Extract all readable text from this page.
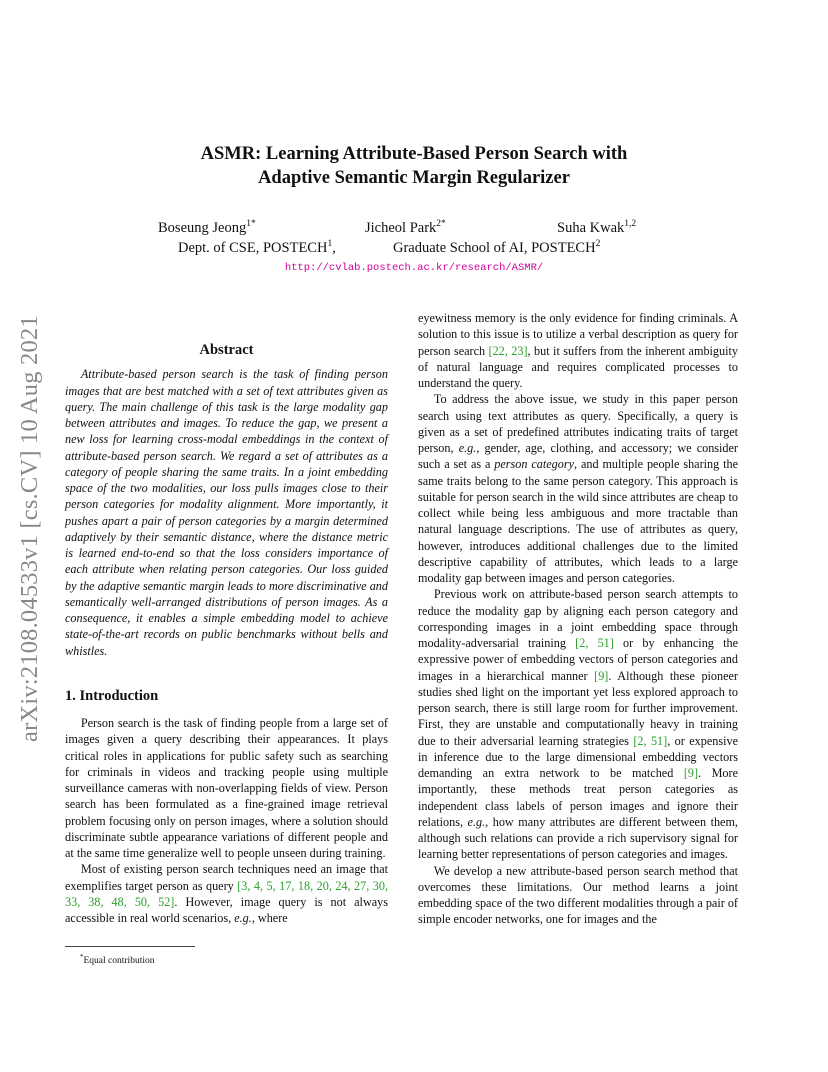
ASMR: Learning Attribute-Based Person Search with
Adaptive Semantic Margin Regularizer
Boseung Jeong$^{1*}$	Jicheol Park$^{2*}$	Suha Kwak$^{1,2}$
Dept. of CSE, POSTECH$^1$,	Graduate School of AI, POSTECH$^2$
http://cvlab.postech.ac.kr/research/ASMR/
arXiv:2108.04533v1 [cs.CV] 10 Aug 2021	Abstract

Attribute-based person search is the task of finding person images that are best matched with a set of text attributes given as query. The main challenge of this task is the large modality gap between attributes and images. To reduce the gap, we present a new loss for learning cross-modal embeddings in the context of attribute-based person search. We regard a set of attributes as a category of people sharing the same traits. In a joint embedding space of the two modalities, our loss pulls images close to their person categories for modality alignment. More importantly, it pushes apart a pair of person categories by a margin determined adaptively by their semantic distance, where the distance metric is learned end-to-end so that the loss considers importance of each attribute when relating person categories. Our loss guided by the adaptive semantic margin leads to more discriminative and semantically well-arranged distributions of person images. As a consequence, it enables a simple embedding model to achieve state-of-the-art records on public benchmarks without bells and whistles.

1. Introduction

Person search is the task of finding people from a large set of images given a query describing their appearances. It plays critical roles in applications for public safety such as searching for criminals in videos and tracking people using multiple surveillance cameras with non-overlapping fields of view. Person search has been formulated as a fine-grained image retrieval problem focusing only on person images, where a solution should discriminate subtle appearance variations of different people and at the same time generalize well to people unseen during training.

Most of existing person search techniques need an image that exemplifies target person as query [3, 4, 5, 17, 18, 20, 24, 27, 30, 33, 38, 48, 50, 52]. However, image query is not always accessible in real world scenarios, e.g., where

eyewitness memory is the only evidence for finding criminals. A solution to this issue is to utilize a verbal description as query for person search [22, 23], but it suffers from the inherent ambiguity of natural language and requires complicated processes to understand the query.

To address the above issue, we study in this paper person search using text attributes as query. Specifically, a query is given as a set of predefined attributes indicating traits of target person, e.g., gender, age, clothing, and accessory; we consider such a set as a person category, and multiple people sharing the same traits belong to the same person category. This approach is suitable for person search in the wild since attributes are cheap to collect while being less ambiguous and more tractable than natural language descriptions. The use of attributes as query, however, introduces additional challenges due to the limited descriptive capability of attributes, which leads to a large modality gap between images and person categories.

Previous work on attribute-based person search attempts to reduce the modality gap by aligning each person category and corresponding images in a joint embedding space through modality-adversarial training [2, 51] or by enhancing the expressive power of embedding vectors of person categories and images in a hierarchical manner [9]. Although these pioneer studies shed light on the important yet less explored approach to person search, there is still large room for further improvement. First, they are unstable and computationally heavy in training due to their adversarial learning strategies [2, 51], or expensive in inference due to the large dimensional embedding vectors demanding an extra network to be matched [9]. More importantly, these methods treat person categories as independent class labels of person images and ignore their relations, e.g., how many attributes are different between them, although such relations can provide a rich supervisory signal for learning better representations of person categories and images.

We develop a new attribute-based person search method that overcomes these limitations. Our method learns a joint embedding space of the two different modalities through a pair of simple encoder networks, one for images and the

*Equal contribution
